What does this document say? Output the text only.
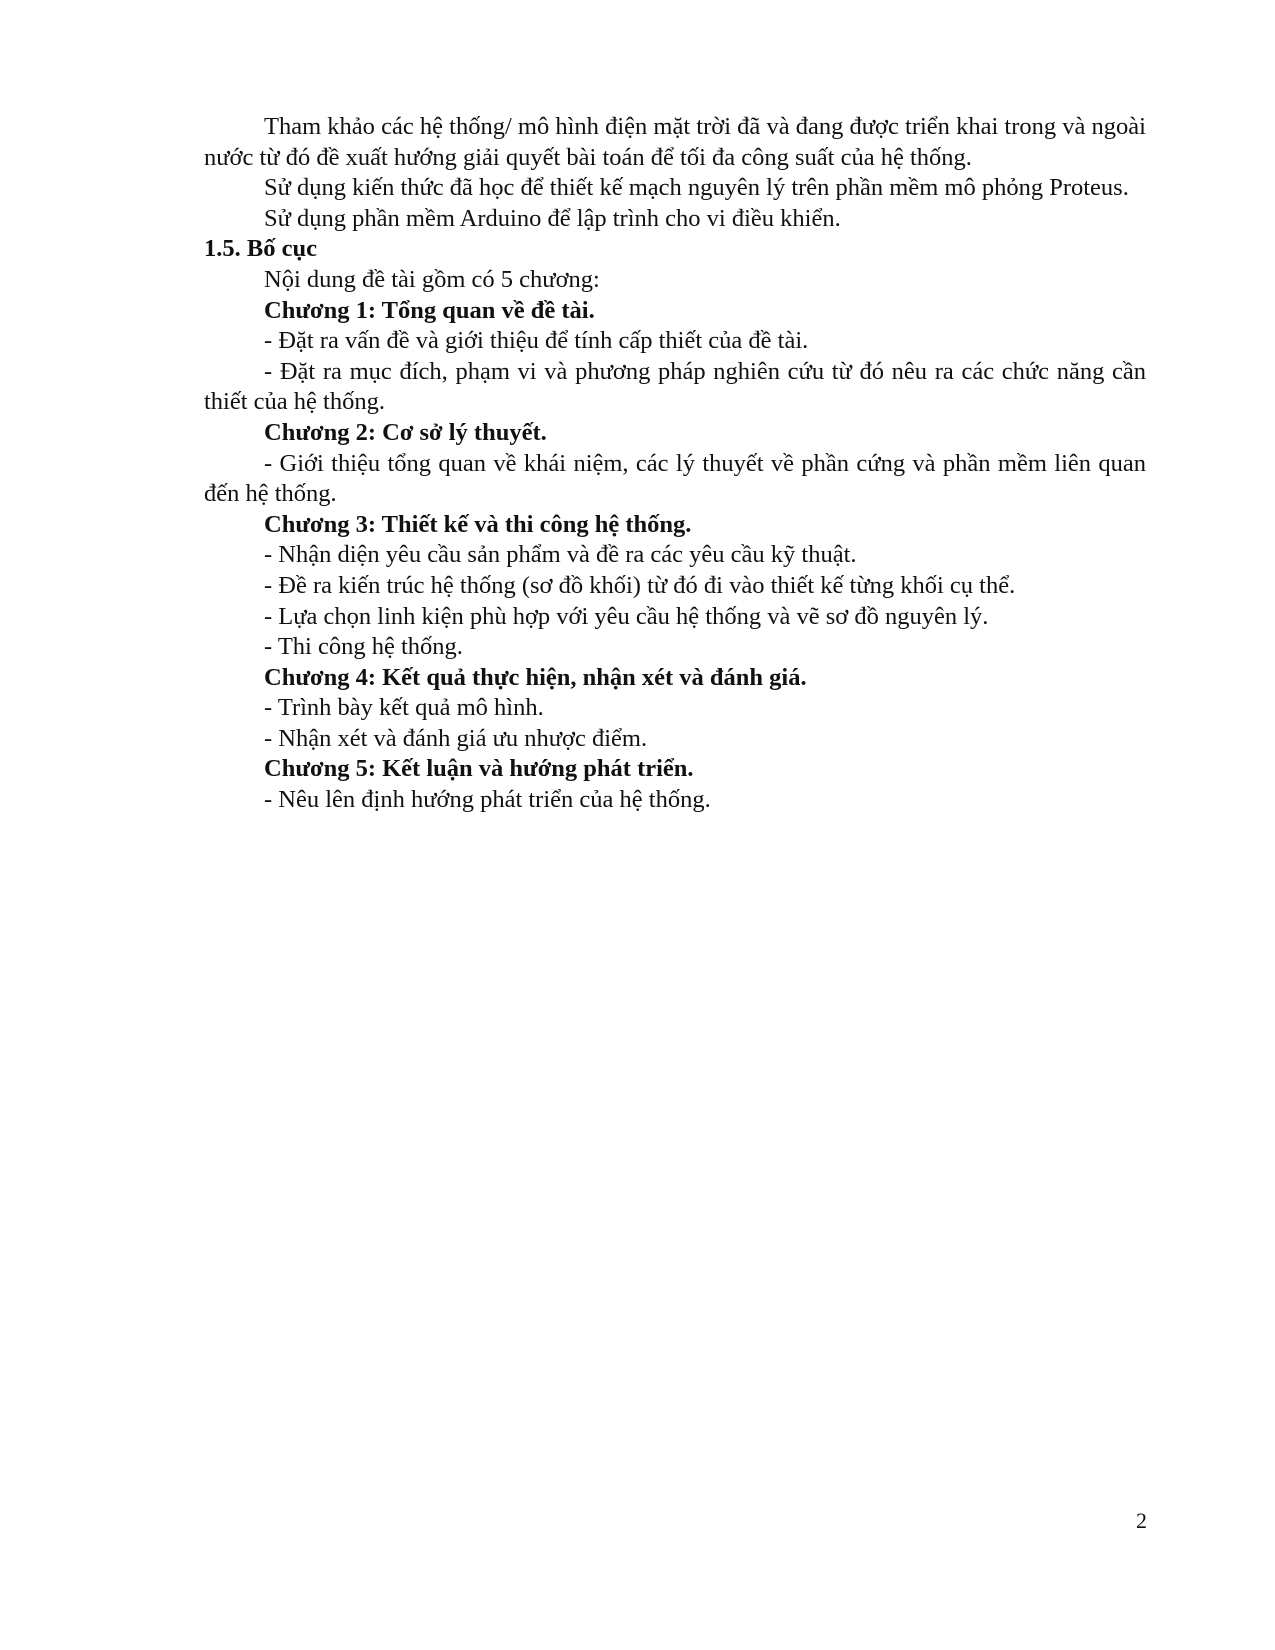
Tham khảo các hệ thống/ mô hình điện mặt trời đã và đang được triển khai trong và ngoài nước từ đó đề xuất hướng giải quyết bài toán để tối đa công suất của hệ thống.

Sử dụng kiến thức đã học để thiết kế mạch nguyên lý trên phần mềm mô phỏng Proteus.

Sử dụng phần mềm Arduino để lập trình cho vi điều khiển.

1.5. Bố cục

Nội dung đề tài gồm có 5 chương:

Chương 1: Tổng quan về đề tài.

- Đặt ra vấn đề và giới thiệu để tính cấp thiết của đề tài.

- Đặt ra mục đích, phạm vi và phương pháp nghiên cứu từ đó nêu ra các chức năng cần thiết của hệ thống.

Chương 2: Cơ sở lý thuyết.

- Giới thiệu tổng quan về khái niệm, các lý thuyết về phần cứng và phần mềm liên quan đến hệ thống.

Chương 3: Thiết kế và thi công hệ thống.

- Nhận diện yêu cầu sản phẩm và đề ra các yêu cầu kỹ thuật.

- Đề ra kiến trúc hệ thống (sơ đồ khối) từ đó đi vào thiết kế từng khối cụ thể.

- Lựa chọn linh kiện phù hợp với yêu cầu hệ thống và vẽ sơ đồ nguyên lý.

- Thi công hệ thống.

Chương 4: Kết quả thực hiện, nhận xét và đánh giá.

- Trình bày kết quả mô hình.

- Nhận xét và đánh giá ưu nhược điểm.

Chương 5: Kết luận và hướng phát triển.

- Nêu lên định hướng phát triển của hệ thống.

2
